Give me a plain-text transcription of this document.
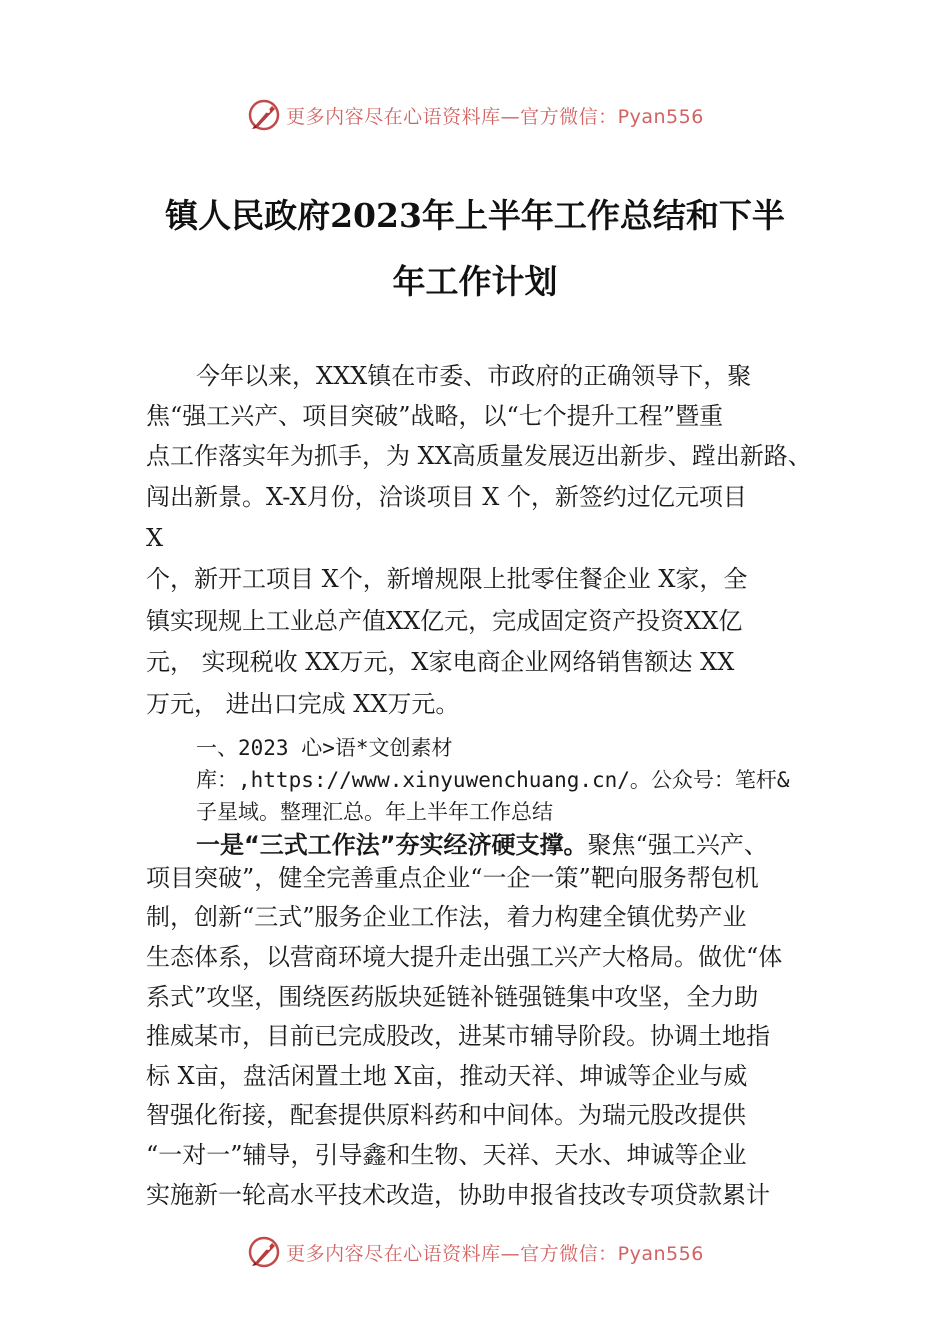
更多内容尽在心语资料库—官方微信：Pyan556
镇人民政府2023年上半年工作总结和下半
年工作计划
今年以来，XXX镇在市委、市政府的正确领导下，聚
焦“强工兴产、项目突破”战略，以“七个提升工程”暨重
点工作落实年为抓手，为 XX高质量发展迈出新步、蹚出新路、
闯出新景。X-X月份，洽谈项目 X 个，新签约过亿元项目
X
个，新开工项目 X个，新增规限上批零住餐企业 X家，全
镇实现规上工业总产值XX亿元，完成固定资产投资XX亿
元， 实现税收 XX万元，X家电商企业网络销售额达 XX
万元， 进出口完成 XX万元。
一、2023 心>语*文创素材
库：,https://www.xinyuwenchuang.cn/。公众号：笔杆&
子星域。整理汇总。年上半年工作总结
一是“三式工作法”夯实经济硬支撑。聚焦“强工兴产、
项目突破”，健全完善重点企业“一企一策”靶向服务帮包机
制，创新“三式”服务企业工作法，着力构建全镇优势产业
生态体系，以营商环境大提升走出强工兴产大格局。做优“体
系式”攻坚，围绕医药版块延链补链强链集中攻坚，全力助
推威某市，目前已完成股改，进某市辅导阶段。协调土地指
标 X亩，盘活闲置土地 X亩，推动天祥、坤诚等企业与威
智强化衔接，配套提供原料药和中间体。为瑞元股改提供
“一对一”辅导，引导鑫和生物、天祥、天水、坤诚等企业
实施新一轮高水平技术改造，协助申报省技改专项贷款累计
更多内容尽在心语资料库—官方微信：Pyan556
